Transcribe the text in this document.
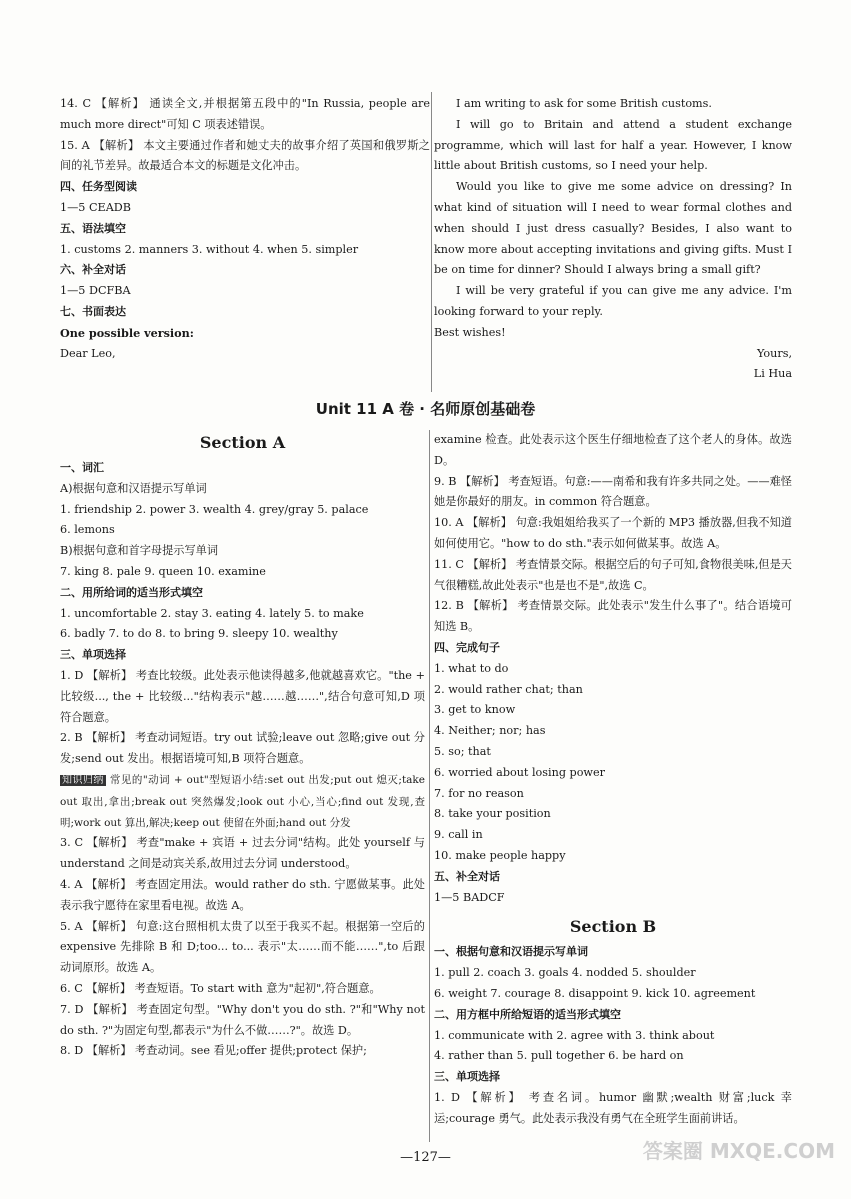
14. C 【解析】 通读全文,并根据第五段中的"In Russia, people are much more direct"可知 C 项表述错误。
15. A 【解析】 本文主要通过作者和她丈夫的故事介绍了英国和俄罗斯之间的礼节差异。故最适合本文的标题是文化冲击。
四、任务型阅读
1—5 CEADB
五、语法填空
1. customs 2. manners 3. without 4. when 5. simpler
六、补全对话
1—5 DCFBA
七、书面表达
One possible version:
Dear Leo,
I am writing to ask for some British customs.
I will go to Britain and attend a student exchange programme, which will last for half a year. However, I know little about British customs, so I need your help.
Would you like to give me some advice on dressing? In what kind of situation will I need to wear formal clothes and when should I just dress casually? Besides, I also want to know more about accepting invitations and giving gifts. Must I be on time for dinner? Should I always bring a small gift?
I will be very grateful if you can give me any advice. I'm looking forward to your reply.
Best wishes!
Yours,
Li Hua
Unit 11 A 卷 · 名师原创基础卷
Section A
一、词汇
A)根据句意和汉语提示写单词
1. friendship 2. power 3. wealth 4. grey/gray 5. palace
6. lemons
B)根据句意和首字母提示写单词
7. king 8. pale 9. queen 10. examine
二、用所给词的适当形式填空
1. uncomfortable 2. stay 3. eating 4. lately 5. to make
6. badly 7. to do 8. to bring 9. sleepy 10. wealthy
三、单项选择
1. D 【解析】 考查比较级。此处表示他读得越多,他就越喜欢它。"the + 比较级..., the + 比较级..."结构表示"越……越……",结合句意可知,D 项符合题意。
2. B 【解析】 考查动词短语。try out 试验;leave out 忽略;give out 分发;send out 发出。根据语境可知,B 项符合题意。
知识归纳 常见的"动词 + out"型短语小结:set out 出发;put out 熄灭;take out 取出,拿出;break out 突然爆发;look out 小心,当心;find out 发现,查明;work out 算出,解决;keep out 使留在外面;hand out 分发
3. C 【解析】 考查"make + 宾语 + 过去分词"结构。此处 yourself 与 understand 之间是动宾关系,故用过去分词 understood。
4. A 【解析】 考查固定用法。would rather do sth. 宁愿做某事。此处表示我宁愿待在家里看电视。故选 A。
5. A 【解析】 句意:这台照相机太贵了以至于我买不起。根据第一空后的 expensive 先排除 B 和 D;too... to... 表示"太……而不能……",to 后跟动词原形。故选 A。
6. C 【解析】 考查短语。To start with 意为"起初",符合题意。
7. D 【解析】 考查固定句型。"Why don't you do sth. ?"和"Why not do sth. ?"为固定句型,都表示"为什么不做……?"。故选 D。
8. D 【解析】 考查动词。see 看见;offer 提供;protect 保护;
examine 检查。此处表示这个医生仔细地检查了这个老人的身体。故选 D。
9. B 【解析】 考查短语。句意:——南希和我有许多共同之处。——难怪她是你最好的朋友。in common 符合题意。
10. A 【解析】 句意:我姐姐给我买了一个新的 MP3 播放器,但我不知道如何使用它。"how to do sth."表示如何做某事。故选 A。
11. C 【解析】 考查情景交际。根据空后的句子可知,食物很美味,但是天气很糟糕,故此处表示"也是也不是",故选 C。
12. B 【解析】 考查情景交际。此处表示"发生什么事了"。结合语境可知选 B。
四、完成句子
1. what to do
2. would rather chat; than
3. get to know
4. Neither; nor; has
5. so; that
6. worried about losing power
7. for no reason
8. take your position
9. call in
10. make people happy
五、补全对话
1—5 BADCF
Section B
一、根据句意和汉语提示写单词
1. pull 2. coach 3. goals 4. nodded 5. shoulder
6. weight 7. courage 8. disappoint 9. kick 10. agreement
二、用方框中所给短语的适当形式填空
1. communicate with 2. agree with 3. think about
4. rather than 5. pull together 6. be hard on
三、单项选择
1. D 【解析】 考查名词。humor 幽默;wealth 财富;luck 幸运;courage 勇气。此处表示我没有勇气在全班学生面前讲话。
—127—	答案圈 MXQE.COM
